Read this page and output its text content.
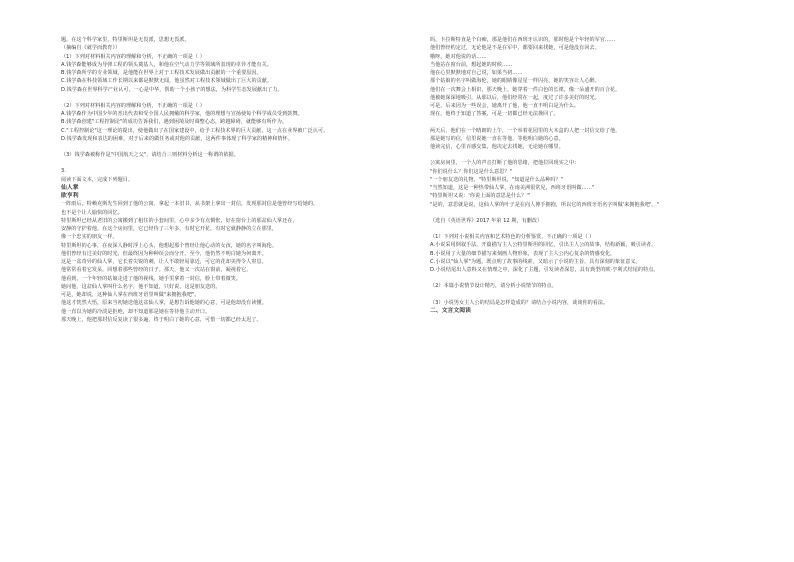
题。在这个科学家里，特里斯坦是无畏派，思想无畏派。

（摘编自《就学而教育》）

（1）下列对材料相关内容的理解和分析，不正确的一项是（ ）

A.钱学森能够成为导弹工程的领头奠基人，和他在空气动力学等领域所表现的卓异才能有关。

B.钱学森所学的专业领域，是他能在世界上对于工程技术发展做出贡献的一个重要原因。

C.钱学森在科技领域工作长期以来都是默默无闻，他虽然对工程技术领域做出了巨大的贡献。

D.钱学森在世界科学产业认可，一心是中华，帮助一个小孩子的想法，为科学生态发展献出了力。

（2）下列对材料相关内容的理解和分析，不正确的一项是（ ）

A.钱学森作为中国少年的杰出代表和受全国人民拥戴的科学家，他的理想与宣扬使每个科学成员受到鼓舞。

B.钱学森创建"工程控制论"的成功告诉我们，遇到困境及时调整心态，跨越障碍，就能够有所作为。

C."工程控制论"这一理论的提出，使他做出了在国家建设中，给予工程技术界的巨大贡献，这一点在业界被广泛认可。

D.钱学森发现和表达的困难，对于后来的做任务或对他的贡献，这两件事体现了科学家的精神和情怀。

（3）钱学森被称作是"中国航天之父"，请结合三则材料分析这一称谓的依据。

3.

阅读下面文本，完成下列题目。

仙人掌

欧亨利

一阵雨后，特赖克斯先生回到了他的公寓，拿起一本旧书，从书架上拿出一封信，发现那封信是他曾经写给她的。

也不是个让人愉快的回忆。

特里斯坦已经从老旧的公寓搬到了租住的小套间里，心中多少有点惆怅，好在窗台上的那盆仙人掌还在，

安静的守护着他。在这个房间里，它已经待了三年多，有时它开花，有时它就静静的立在那里，

像一个忠实的朋友一样。

特里斯坦的心事，在夜深人静时浮上心头，他想起那个曾经让他心动的女孩，她的名字叫海伦。

他们曾经有过美好的时光，但最终因为种种误会而分开。至今，他仍然不明白她为何离开。

这是一盆奇异的仙人掌，它长着尖锐的刺，让人不敢轻易靠近，可它的花却美得令人窒息。

他常常看着它发呆，回想着那些曾经的日子。那天，他又一次站在窗前，凝视着它。

他看到，一个年轻的姑娘走进了他的视线，她手里拿着一封信，脸上带着微笑。

她问他，这盆仙人掌叫什么名字，他不知道，只好说，这是朋友送的。

可是，她却说，这种仙人掌在西班牙语里叫做"来拥抱我吧"。

他这才恍然大悟，原来当初她送他这盆仙人掌，是想告诉他她的心意，可是他却没有读懂。

他一直以为她的冷淡是拒绝，却不知道那是她在等待他主动开口。

那天晚上，他把那封信反复读了很多遍，终于明白了她的心意，可惜一切都已经太迟了。

吗，卡拉斯特直是个白痴，那是他们在西班牙认识的，那时他是个年轻的军官……

他们曾经约定过，无论他是不是在军中，都要回来找她，可是他没有回去。

哦呀，她对他说的话……

当他站在窗台前，想起她的时候……

他在心里默默地对自己说，如果当初……

那个姑娘的名字叫做海伦，她的眼睛像星星一样闪亮，她的笑容让人心醉。

他们在一次舞会上相识，那天晚上，她穿着一件白色的长裙，像一朵盛开的百合花。

他被她深深地吸引，从那以后，他们经常在一起，度过了许多美好的时光。

可是，后来因为一些误会，她离开了他，他一直不明白是为什么。

现在，他终于知道了答案，可是一切都已经无法挽回了。

两天后，他们在一个晴朗的上午，一个举着花园里的大木盒的人把一封信交给了他。

那是她写的信，信里说她一直在等他，等他明白她的心意。

他读完信，心里百感交集，他决定去找她，无论她在哪里。

公寓房间里，一个人的声音打断了他的思绪，把他拉回现实之中：

"你们说什么？你们这是什么意思？"

"一个朋友送的礼物，"特里斯坦说，"知道是什么品种吗？"

"当然知道，这是一种热带仙人掌，在南美洲很常见，西班牙语叫做……"

"特里斯坦又说：'你说上面的意思是什么？'"

"是的，意思就是说，这仙人掌的叶子是在向人伸手拥抱，所以它的西班牙语名字叫做'来拥抱我吧'。"

（选自《英语世界》2017 年第 12 期，有删改）

（1）下列对小说相关内容和艺术特色的分析鉴赏，不正确的一项是（ ）

A.小说采用倒叙手法，开篇描写主人公特里斯坦的回忆，引出主人公的故事，结构新颖，吸引读者。

B.小说用了大量的细节描写来刻画人物形象，表现了主人公内心复杂的情感变化。

C.小说以"仙人掌"为题，既点明了故事的线索，又暗示了小说的主旨，具有深刻的象征意义。

D.小说结尾出人意料又在情理之中，深化了主题，引发读者深思，具有典型的欧·亨利式结尾的特点。

（2）本篇小说情节设计精巧，请分析小说情节的特点。

（3）小说男女主人公的结局是怎样造成的？请结合小说内容，谈谈你的看法。

二、文言文阅读
